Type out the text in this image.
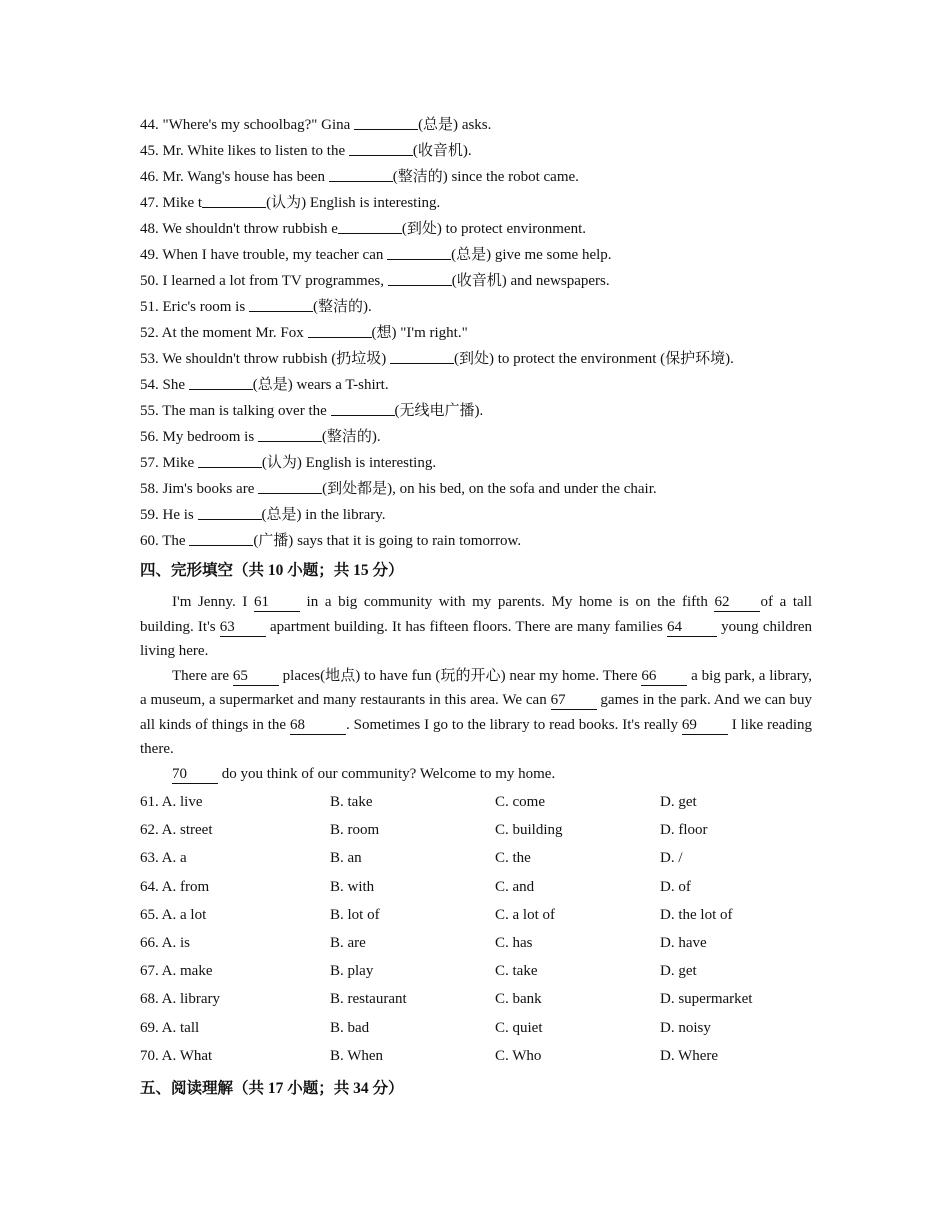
44. "Where's my schoolbag?" Gina	(总是) asks.
45. Mr. White likes to listen to the	(收音机).
46. Mr. Wang's house has been	(整洁的) since the robot came.
47. Mike t	(认为) English is interesting.
48. We shouldn't throw rubbish e	(到处) to protect environment.
49. When I have trouble, my teacher can	(总是) give me some help.
50. I learned a lot from TV programmes,	(收音机) and newspapers.
51. Eric's room is	(整洁的).
52. At the moment Mr. Fox	(想) "I'm right."
53. We shouldn't throw rubbish (扔垃圾)	(到处) to protect the environment (保护环境).
54. She	(总是) wears a T-shirt.
55. The man is talking over the	(无线电广播).
56. My bedroom is	(整洁的).
57. Mike	(认为) English is interesting.
58. Jim's books are	(到处都是), on his bed, on the sofa and under the chair.
59. He is	(总是) in the library.
60. The	(广播) says that it is going to rain tomorrow.
四、完形填空（共 10 小题；共 15 分）

I'm Jenny. I 61 in a big community with my parents. My home is on the fifth 62 of a tall building. It's 63 apartment building. It has fifteen floors. There are many families 64 young children living here.

There are 65 places(地点) to have fun (玩的开心) near my home. There 66 a big park, a library, a museum, a supermarket and many restaurants in this area. We can 67 games in the park. And we can buy all kinds of things in the 68	. Sometimes I go to the library to read books. It's really 69 I like reading there.

70 do you think of our community? Welcome to my home.

61. A. live	B. take	C. come	D. get
62. A. street	B. room	C. building	D. floor
63. A. a	B. an	C. the	D. /
64. A. from	B. with	C. and	D. of
65. A. a lot	B. lot of	C. a lot of	D. the lot of
66. A. is	B. are	C. has	D. have
67. A. make	B. play	C. take	D. get
68. A. library	B. restaurant	C. bank	D. supermarket
69. A. tall	B. bad	C. quiet	D. noisy
70. A. What	B. When	C. Who	D. Where
五、阅读理解（共 17 小题；共 34 分）
